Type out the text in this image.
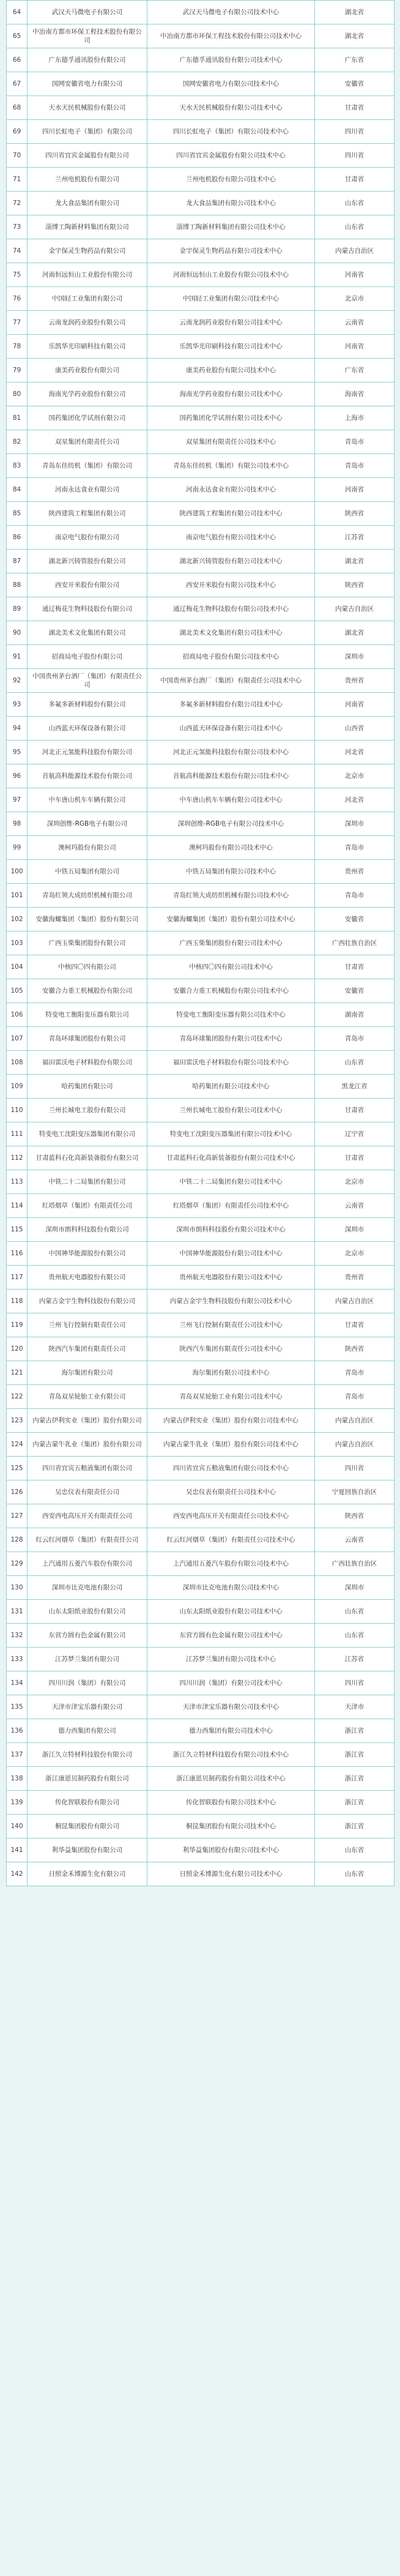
64	武汉天马微电子有限公司	武汉天马微电子有限公司技术中心	湖北省
65	中冶南方都市环保工程技术股份有限公司	中冶南方都市环保工程技术股份有限公司技术中心	湖北省
66	广东德孚通讯股份有限公司	广东德孚通讯股份有限公司技术中心	广东省
67	国网安徽省电力有限公司	国网安徽省电力有限公司技术中心	安徽省
68	天水天民机械股份有限公司	天水天民机械股份有限公司技术中心	甘肃省
69	四川长虹电子（集团）有限公司	四川长虹电子（集团）有限公司技术中心	四川省
70	四川省宜宾金属股份有限公司	四川省宜宾金属股份有限公司技术中心	四川省
71	兰州电机股份有限公司	兰州电机股份有限公司技术中心	甘肃省
72	龙大食品集团有限公司	龙大食品集团有限公司技术中心	山东省
73	淄博工陶新材料集团有限公司	淄博工陶新材料集团有限公司技术中心	山东省
74	金宇保灵生物药品有限公司	金宇保灵生物药品有限公司技术中心	内蒙古自治区
75	河南恒远恒山工业股份有限公司	河南恒远恒山工业股份有限公司技术中心	河南省
76	中国轻工业集团有限公司	中国轻工业集团有限公司技术中心	北京市
77	云南龙润药业股份有限公司	云南龙润药业股份有限公司技术中心	云南省
78	乐凯华光印刷科技有限公司	乐凯华光印刷科技有限公司技术中心	河南省
79	康美药业股份有限公司	康美药业股份有限公司技术中心	广东省
80	海南光学药业股份有限公司	海南光学药业股份有限公司技术中心	海南省
81	国药集团化学试剂有限公司	国药集团化学试剂有限公司技术中心	上海市
82	双星集团有限责任公司	双星集团有限责任公司技术中心	青岛市
83	青岛东佳纺机（集团）有限公司	青岛东佳纺机（集团）有限公司技术中心	青岛市
84	河南永达食业有限公司	河南永达食业有限公司技术中心	河南省
85	陕西建筑工程集团有限公司	陕西建筑工程集团有限公司技术中心	陕西省
86	南京电气股份有限公司	南京电气股份有限公司技术中心	江苏省
87	湖北新兴铸管股份有限公司	湖北新兴铸管股份有限公司技术中心	湖北省
88	西安开米股份有限公司	西安开米股份有限公司技术中心	陕西省
89	通辽梅花生物科技股份有限公司	通辽梅花生物科技股份有限公司技术中心	内蒙古自治区
90	湖北美术文化集团有限公司	湖北美术文化集团有限公司技术中心	湖北省
91	招商局电子股份有限公司	招商局电子股份有限公司技术中心	深圳市
92	中国贵州茅台酒厂（集团）有限责任公司	中国贵州茅台酒厂（集团）有限责任公司技术中心	贵州省
93	多氟多新材料股份有限公司	多氟多新材料股份有限公司技术中心	河南省
94	山西蓝天环保设备有限公司	山西蓝天环保设备有限公司技术中心	山西省
95	河北正元氢能科技股份有限公司	河北正元氢能科技股份有限公司技术中心	河北省
96	首航高科能源技术股份有限公司	首航高科能源技术股份有限公司技术中心	北京市
97	中车唐山机车车辆有限公司	中车唐山机车车辆有限公司技术中心	河北省
98	深圳创维-RGB电子有限公司	深圳创维-RGB电子有限公司技术中心	深圳市
99	澳柯玛股份有限公司	澳柯玛股份有限公司技术中心	青岛市
100	中铁五局集团有限公司	中铁五局集团有限公司技术中心	贵州省
101	青岛红领大成纺织机械有限公司	青岛红领大成纺织机械有限公司技术中心	青岛市
102	安徽海螺集团（集团）股份有限公司	安徽海螺集团（集团）股份有限公司技术中心	安徽省
103	广西玉柴集团股份有限公司	广西玉柴集团股份有限公司技术中心	广西壮族自治区
104	中核四〇四有限公司	中核四〇四有限公司技术中心	甘肃省
105	安徽合力重工机械股份有限公司	安徽合力重工机械股份有限公司技术中心	安徽省
106	特变电工衡阳变压器有限公司	特变电工衡阳变压器有限公司技术中心	湖南省
107	青岛环球集团股份有限公司	青岛环球集团股份有限公司技术中心	青岛市
108	福田雷沃电子材料股份有限公司	福田雷沃电子材料股份有限公司技术中心	山东省
109	哈药集团有限公司	哈药集团有限公司技术中心	黑龙江省
110	兰州长城电工股份有限公司	兰州长城电工股份有限公司技术中心	甘肃省
111	特变电工沈阳变压器集团有限公司	特变电工沈阳变压器集团有限公司技术中心	辽宁省
112	甘肃蓝科石化高新装备股份有限公司	甘肃蓝科石化高新装备股份有限公司技术中心	甘肃省
113	中铁二十二局集团有限公司	中铁二十二局集团有限公司技术中心	北京市
114	红塔烟草（集团）有限责任公司	红塔烟草（集团）有限责任公司技术中心	云南省
115	深圳市朗科科技股份有限公司	深圳市朗科科技股份有限公司技术中心	深圳市
116	中国神华能源股份有限公司	中国神华能源股份有限公司技术中心	北京市
117	贵州航天电器股份有限公司	贵州航天电器股份有限公司技术中心	贵州省
118	内蒙古金宇生物科技股份有限公司	内蒙古金宇生物科技股份有限公司技术中心	内蒙古自治区
119	兰州飞行控制有限责任公司	兰州飞行控制有限责任公司技术中心	甘肃省
120	陕西汽车集团有限责任公司	陕西汽车集团有限责任公司技术中心	陕西省
121	海尔集团有限公司	海尔集团有限公司技术中心	青岛市
122	青岛双星轮胎工业有限公司	青岛双星轮胎工业有限公司技术中心	青岛市
123	内蒙古伊利实业（集团）股份有限公司	内蒙古伊利实业（集团）股份有限公司技术中心	内蒙古自治区
124	内蒙古蒙牛乳业（集团）股份有限公司	内蒙古蒙牛乳业（集团）股份有限公司技术中心	内蒙古自治区
125	四川省宜宾五粮液集团有限公司	四川省宜宾五粮液集团有限公司技术中心	四川省
126	吴忠仪表有限责任公司	吴忠仪表有限责任公司技术中心	宁夏回族自治区
127	西安西电高压开关有限责任公司	西安西电高压开关有限责任公司技术中心	陕西省
128	红云红河烟草（集团）有限责任公司	红云红河烟草（集团）有限责任公司技术中心	云南省
129	上汽通用五菱汽车股份有限公司	上汽通用五菱汽车股份有限公司技术中心	广西壮族自治区
130	深圳市比克电池有限公司	深圳市比克电池有限公司技术中心	深圳市
131	山东太阳纸业股份有限公司	山东太阳纸业股份有限公司技术中心	山东省
132	东营方圆有色金属有限公司	东营方圆有色金属有限公司技术中心	山东省
133	江苏梦兰集团有限公司	江苏梦兰集团有限公司技术中心	江苏省
134	四川川润（集团）有限公司	四川川润（集团）有限公司技术中心	四川省
135	天津市津宝乐器有限公司	天津市津宝乐器有限公司技术中心	天津市
136	德力西集团有限公司	德力西集团有限公司技术中心	浙江省
137	浙江久立特材科技股份有限公司	浙江久立特材科技股份有限公司技术中心	浙江省
138	浙江康恩贝制药股份有限公司	浙江康恩贝制药股份有限公司技术中心	浙江省
139	传化智联股份有限公司	传化智联股份有限公司技术中心	浙江省
140	桐昆集团股份有限公司	桐昆集团股份有限公司技术中心	浙江省
141	利华益集团股份有限公司	利华益集团股份有限公司技术中心	山东省
142	日照金禾博源生化有限公司	日照金禾博源生化有限公司技术中心	山东省
